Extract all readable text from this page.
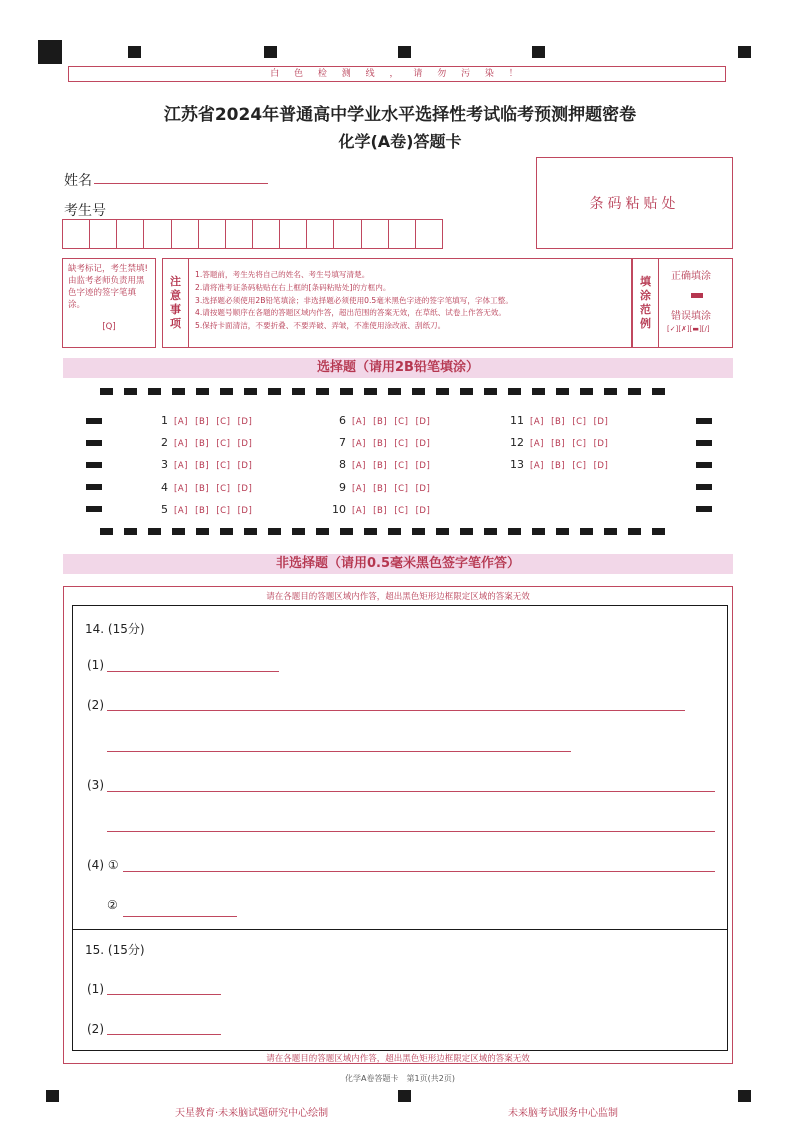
白 色 检 测 线 ， 请 勿 污 染 ！
江苏省2024年普通高中学业水平选择性考试临考预测押题密卷
化学(A卷)答题卡
姓名
考生号	条码粘贴处
缺考标记，考生禁填!由监考老师负责用黑色字迹的签字笔填涂。
[Q]
注
意
事
项
1.答题前，考生先将自己的姓名、考生号填写清楚。
2.请将准考证条码粘贴在右上框的[条码粘贴处]的方框内。
3.选择题必须使用2B铅笔填涂；非选择题必须使用0.5毫米黑色字迹的签字笔填写，字体工整。
4.请按题号顺序在各题的答题区域内作答，超出范围的答案无效，在草纸、试卷上作答无效。
5.保持卡面清洁，不要折叠、不要弄破、弄皱，不准使用涂改液、刮纸刀。
填
涂
范
例
正确填涂
错误填涂
[✓][✗][▬][/]
选择题（请用2B铅笔填涂）
1 [A] [B] [C] [D]
2 [A] [B] [C] [D]
3 [A] [B] [C] [D]
4 [A] [B] [C] [D]
5 [A] [B] [C] [D]
6 [A] [B] [C] [D]
7 [A] [B] [C] [D]
8 [A] [B] [C] [D]
9 [A] [B] [C] [D]
10 [A] [B] [C] [D]
11 [A] [B] [C] [D]
12 [A] [B] [C] [D]
13 [A] [B] [C] [D]
非选择题（请用0.5毫米黑色签字笔作答）
请在各题目的答题区域内作答，超出黑色矩形边框限定区域的答案无效
请在各题目的答题区域内作答，超出黑色矩形边框限定区域的答案无效
14. (15分)
(1)
(2)
(3)
(4) ①
②
15. (15分)
(1)
(2)
化学A卷答题卡　第1页(共2页)
天星教育·未来脑试题研究中心绘制	未来脑考试服务中心监制
